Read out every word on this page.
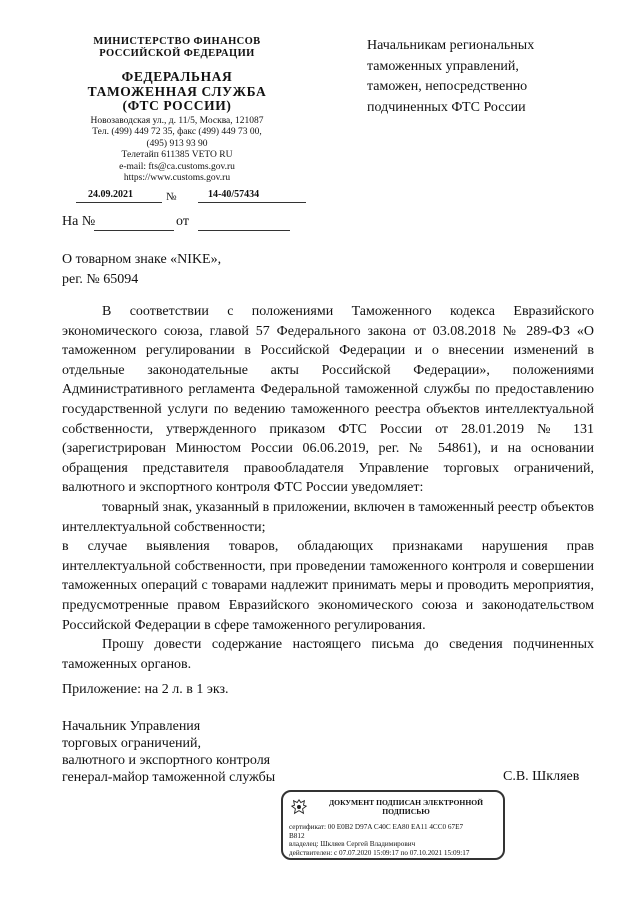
МИНИСТЕРСТВО ФИНАНСОВ
РОССИЙСКОЙ ФЕДЕРАЦИИ
ФЕДЕРАЛЬНАЯ
ТАМОЖЕННАЯ СЛУЖБА
(ФТС РОССИИ)
Новозаводская ул., д. 11/5, Москва, 121087
Тел. (499) 449 72 35, факс (499) 449 73 00,
(495) 913 93 90
Телетайп 611385 VETO RU
e-mail: fts@ca.customs.gov.ru
https://www.customs.gov.ru
24.09.2021	№	14-40/57434
На №	от
Начальникам региональных
таможенных управлений,
таможен, непосредственно
подчиненных ФТС России
О товарном знаке «NIKE»,
рег. № 65094

В соответствии с положениями Таможенного кодекса Евразийского экономического союза, главой 57 Федерального закона от 03.08.2018 № 289-ФЗ «О таможенном регулировании в Российской Федерации и о внесении изменений в отдельные законодательные акты Российской Федерации», положениями Административного регламента Федеральной таможенной службы по предоставлению государственной услуги по ведению таможенного реестра объектов интеллектуальной собственности, утвержденного приказом ФТС России от 28.01.2019 № 131 (зарегистрирован Минюстом России 06.06.2019, рег. № 54861), и на основании обращения представителя правообладателя Управление торговых ограничений, валютного и экспортного контроля ФТС России уведомляет:

товарный знак, указанный в приложении, включен в таможенный реестр объектов интеллектуальной собственности;

в случае выявления товаров, обладающих признаками нарушения прав интеллектуальной собственности, при проведении таможенного контроля и совершении таможенных операций с товарами надлежит принимать меры и проводить мероприятия, предусмотренные правом Евразийского экономического союза и законодательством Российской Федерации в сфере таможенного регулирования.

Прошу довести содержание настоящего письма до сведения подчиненных таможенных органов.

Приложение: на 2 л. в 1 экз.
Начальник Управления
торговых ограничений,
валютного и экспортного контроля
генерал-майор таможенной службы	С.В. Шкляев
ДОКУМЕНТ ПОДПИСАН ЭЛЕКТРОННОЙ
ПОДПИСЬЮ
сертификат: 00 E0B2 D97A C40C EA80 EA11 4CC0 67E7
B812
владелец: Шкляев Сергей Владимирович
действителен: с 07.07.2020 15:09:17 по 07.10.2021 15:09:17
